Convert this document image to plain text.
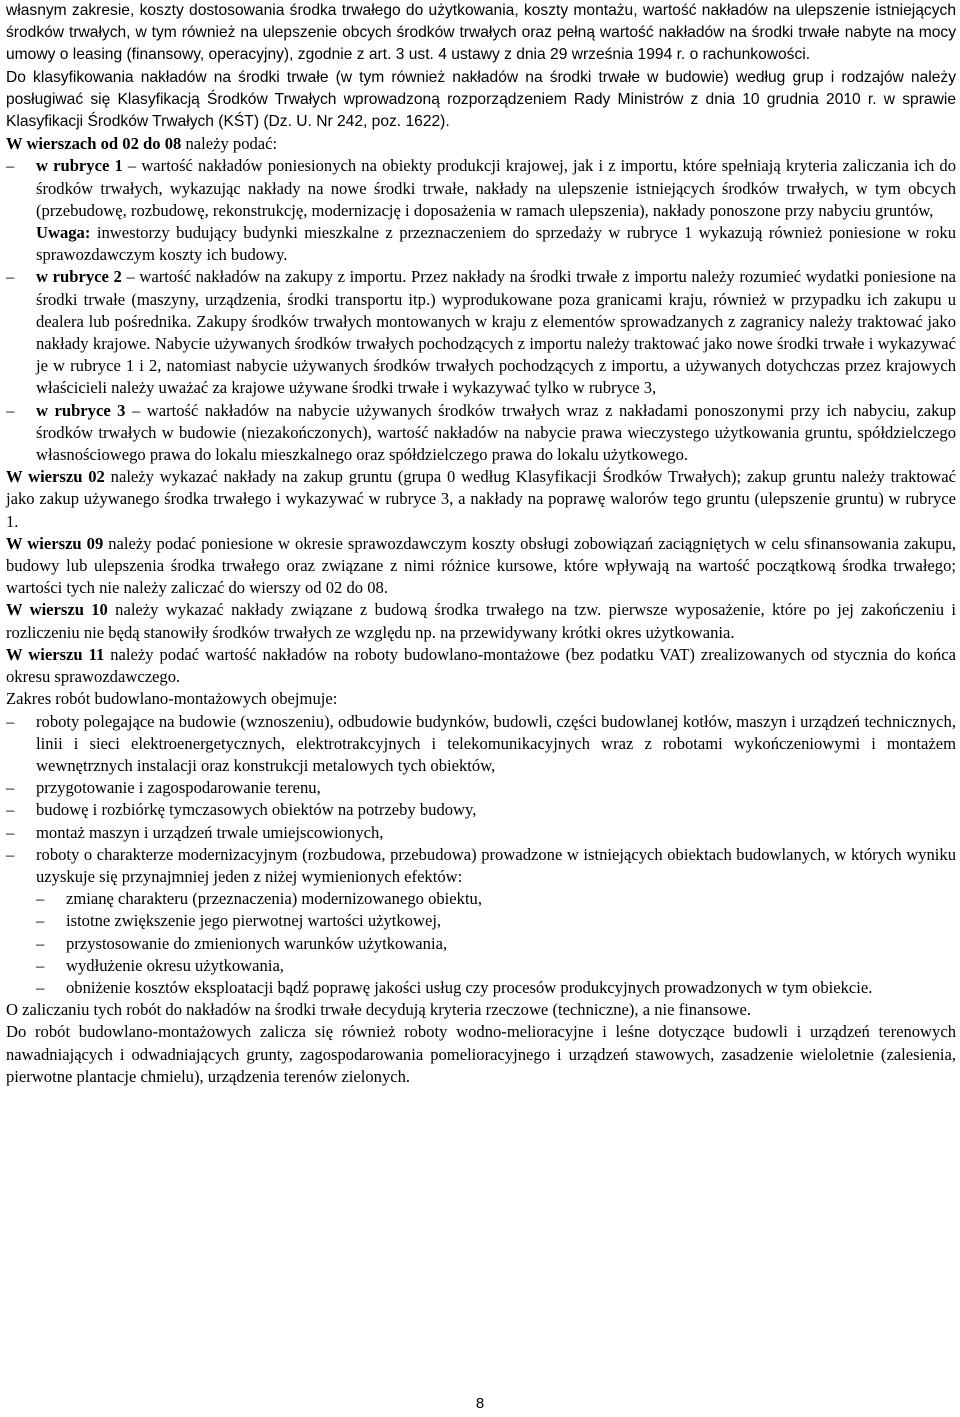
własnym zakresie, koszty dostosowania środka trwałego do użytkowania, koszty montażu, wartość nakładów na ulepszenie istniejących środków trwałych, w tym również na ulepszenie obcych środków trwałych oraz pełną wartość nakładów na środki trwałe nabyte na mocy umowy o leasing (finansowy, operacyjny), zgodnie z art. 3 ust. 4 ustawy z dnia 29 września 1994 r. o rachunkowości.

Do klasyfikowania nakładów na środki trwałe (w tym również nakładów na środki trwałe w budowie) według grup i rodzajów należy posługiwać się Klasyfikacją Środków Trwałych wprowadzoną rozporządzeniem Rady Ministrów z dnia 10 grudnia 2010 r. w sprawie Klasyfikacji Środków Trwałych (KŚT) (Dz. U. Nr 242, poz. 1622).

W wierszach od 02 do 08 należy podać:

– w rubryce 1 – wartość nakładów poniesionych na obiekty produkcji krajowej, jak i z importu, które spełniają kryteria zaliczania ich do środków trwałych, wykazując nakłady na nowe środki trwałe, nakłady na ulepszenie istniejących środków trwałych, w tym obcych (przebudowę, rozbudowę, rekonstrukcję, modernizację i doposażenia w ramach ulepszenia), nakłady ponoszone przy nabyciu gruntów,
Uwaga: inwestorzy budujący budynki mieszkalne z przeznaczeniem do sprzedaży w rubryce 1 wykazują również poniesione w roku sprawozdawczym koszty ich budowy.
– w rubryce 2 – wartość nakładów na zakupy z importu. Przez nakłady na środki trwałe z importu należy rozumieć wydatki poniesione na środki trwałe (maszyny, urządzenia, środki transportu itp.) wyprodukowane poza granicami kraju, również w przypadku ich zakupu u dealera lub pośrednika. Zakupy środków trwałych montowanych w kraju z elementów sprowadzanych z zagranicy należy traktować jako nakłady krajowe. Nabycie używanych środków trwałych pochodzących z importu należy traktować jako nowe środki trwałe i wykazywać je w rubryce 1 i 2, natomiast nabycie używanych środków trwałych pochodzących z importu, a używanych dotychczas przez krajowych właścicieli należy uważać za krajowe używane środki trwałe i wykazywać tylko w rubryce 3,
– w rubryce 3 – wartość nakładów na nabycie używanych środków trwałych wraz z nakładami ponoszonymi przy ich nabyciu, zakup środków trwałych w budowie (niezakończonych), wartość nakładów na nabycie prawa wieczystego użytkowania gruntu, spółdzielczego własnościowego prawa do lokalu mieszkalnego oraz spółdzielczego prawa do lokalu użytkowego.

W wierszu 02 należy wykazać nakłady na zakup gruntu (grupa 0 według Klasyfikacji Środków Trwałych); zakup gruntu należy traktować jako zakup używanego środka trwałego i wykazywać w rubryce 3, a nakłady na poprawę walorów tego gruntu (ulepszenie gruntu) w rubryce 1.

W wierszu 09 należy podać poniesione w okresie sprawozdawczym koszty obsługi zobowiązań zaciągniętych w celu sfinansowania zakupu, budowy lub ulepszenia środka trwałego oraz związane z nimi różnice kursowe, które wpływają na wartość początkową środka trwałego; wartości tych nie należy zaliczać do wierszy od 02 do 08.

W wierszu 10 należy wykazać nakłady związane z budową środka trwałego na tzw. pierwsze wyposażenie, które po jej zakończeniu i rozliczeniu nie będą stanowiły środków trwałych ze względu np. na przewidywany krótki okres użytkowania.

W wierszu 11 należy podać wartość nakładów na roboty budowlano-montażowe (bez podatku VAT) zrealizowanych od stycznia do końca okresu sprawozdawczego.

Zakres robót budowlano-montażowych obejmuje:

– roboty polegające na budowie (wznoszeniu), odbudowie budynków, budowli, części budowlanej kotłów, maszyn i urządzeń technicznych, linii i sieci elektroenergetycznych, elektrotrakcyjnych i telekomunikacyjnych wraz z robotami wykończeniowymi i montażem wewnętrznych instalacji oraz konstrukcji metalowych tych obiektów,
– przygotowanie i zagospodarowanie terenu,
– budowę i rozbiórkę tymczasowych obiektów na potrzeby budowy,
– montaż maszyn i urządzeń trwale umiejscowionych,
– roboty o charakterze modernizacyjnym (rozbudowa, przebudowa) prowadzone w istniejących obiektach budowlanych, w których wyniku uzyskuje się przynajmniej jeden z niżej wymienionych efektów:
– zmianę charakteru (przeznaczenia) modernizowanego obiektu,
– istotne zwiększenie jego pierwotnej wartości użytkowej,
– przystosowanie do zmienionych warunków użytkowania,
– wydłużenie okresu użytkowania,
– obniżenie kosztów eksploatacji bądź poprawę jakości usług czy procesów produkcyjnych prowadzonych w tym obiekcie.

O zaliczaniu tych robót do nakładów na środki trwałe decydują kryteria rzeczowe (techniczne), a nie finansowe.

Do robót budowlano-montażowych zalicza się również roboty wodno-melioracyjne i leśne dotyczące budowli i urządzeń terenowych nawadniających i odwadniających grunty, zagospodarowania pomelioracyjnego i urządzeń stawowych, zasadzenie wieloletnie (zalesienia, pierwotne plantacje chmielu), urządzenia terenów zielonych.

8
